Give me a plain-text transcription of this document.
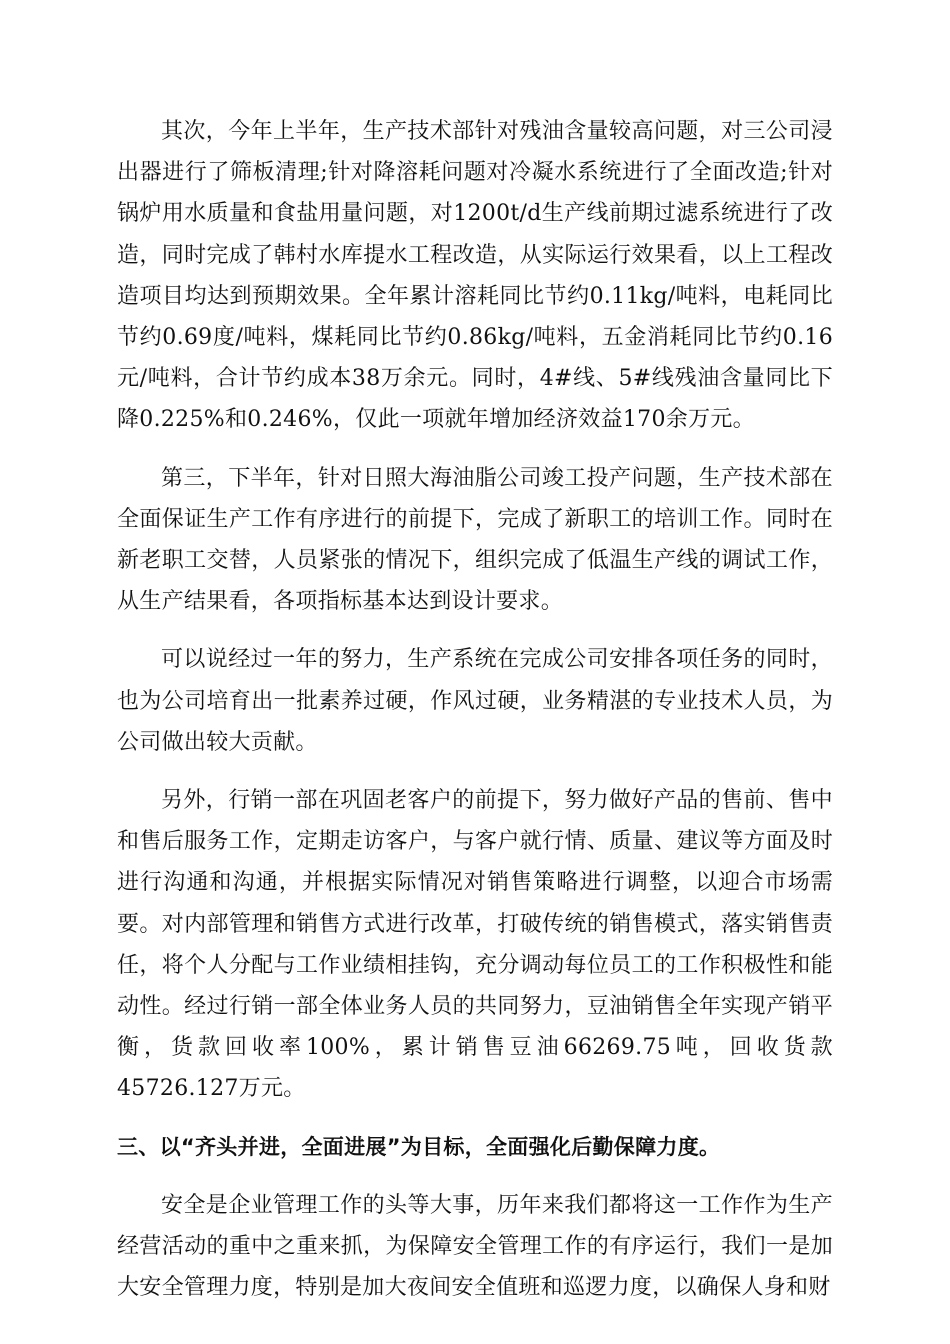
其次，今年上半年，生产技术部针对残油含量较高问题，对三公司浸出器进行了筛板清理;针对降溶耗问题对冷凝水系统进行了全面改造;针对锅炉用水质量和食盐用量问题，对1200t/d生产线前期过滤系统进行了改造，同时完成了韩村水库提水工程改造，从实际运行效果看，以上工程改造项目均达到预期效果。全年累计溶耗同比节约0.11kg/吨料，电耗同比节约0.69度/吨料，煤耗同比节约0.86kg/吨料，五金消耗同比节约0.16元/吨料，合计节约成本38万余元。同时，4#线、5#线残油含量同比下降0.225%和0.246%，仅此一项就年增加经济效益170余万元。

第三，下半年，针对日照大海油脂公司竣工投产问题，生产技术部在全面保证生产工作有序进行的前提下，完成了新职工的培训工作。同时在新老职工交替，人员紧张的情况下，组织完成了低温生产线的调试工作，从生产结果看，各项指标基本达到设计要求。

可以说经过一年的努力，生产系统在完成公司安排各项任务的同时，也为公司培育出一批素养过硬，作风过硬，业务精湛的专业技术人员，为公司做出较大贡献。

另外，行销一部在巩固老客户的前提下，努力做好产品的售前、售中和售后服务工作，定期走访客户，与客户就行情、质量、建议等方面及时进行沟通和沟通，并根据实际情况对销售策略进行调整，以迎合市场需要。对内部管理和销售方式进行改革，打破传统的销售模式，落实销售责任，将个人分配与工作业绩相挂钩，充分调动每位员工的工作积极性和能动性。经过行销一部全体业务人员的共同努力，豆油销售全年实现产销平衡，货款回收率100%，累计销售豆油66269.75吨，回收货款45726.127万元。

三、以“齐头并进，全面进展”为目标，全面强化后勤保障力度。

安全是企业管理工作的头等大事，历年来我们都将这一工作作为生产经营活动的重中之重来抓，为保障安全管理工作的有序运行，我们一是加大安全管理力度，特别是加大夜间安全值班和巡逻力度，以确保人身和财
